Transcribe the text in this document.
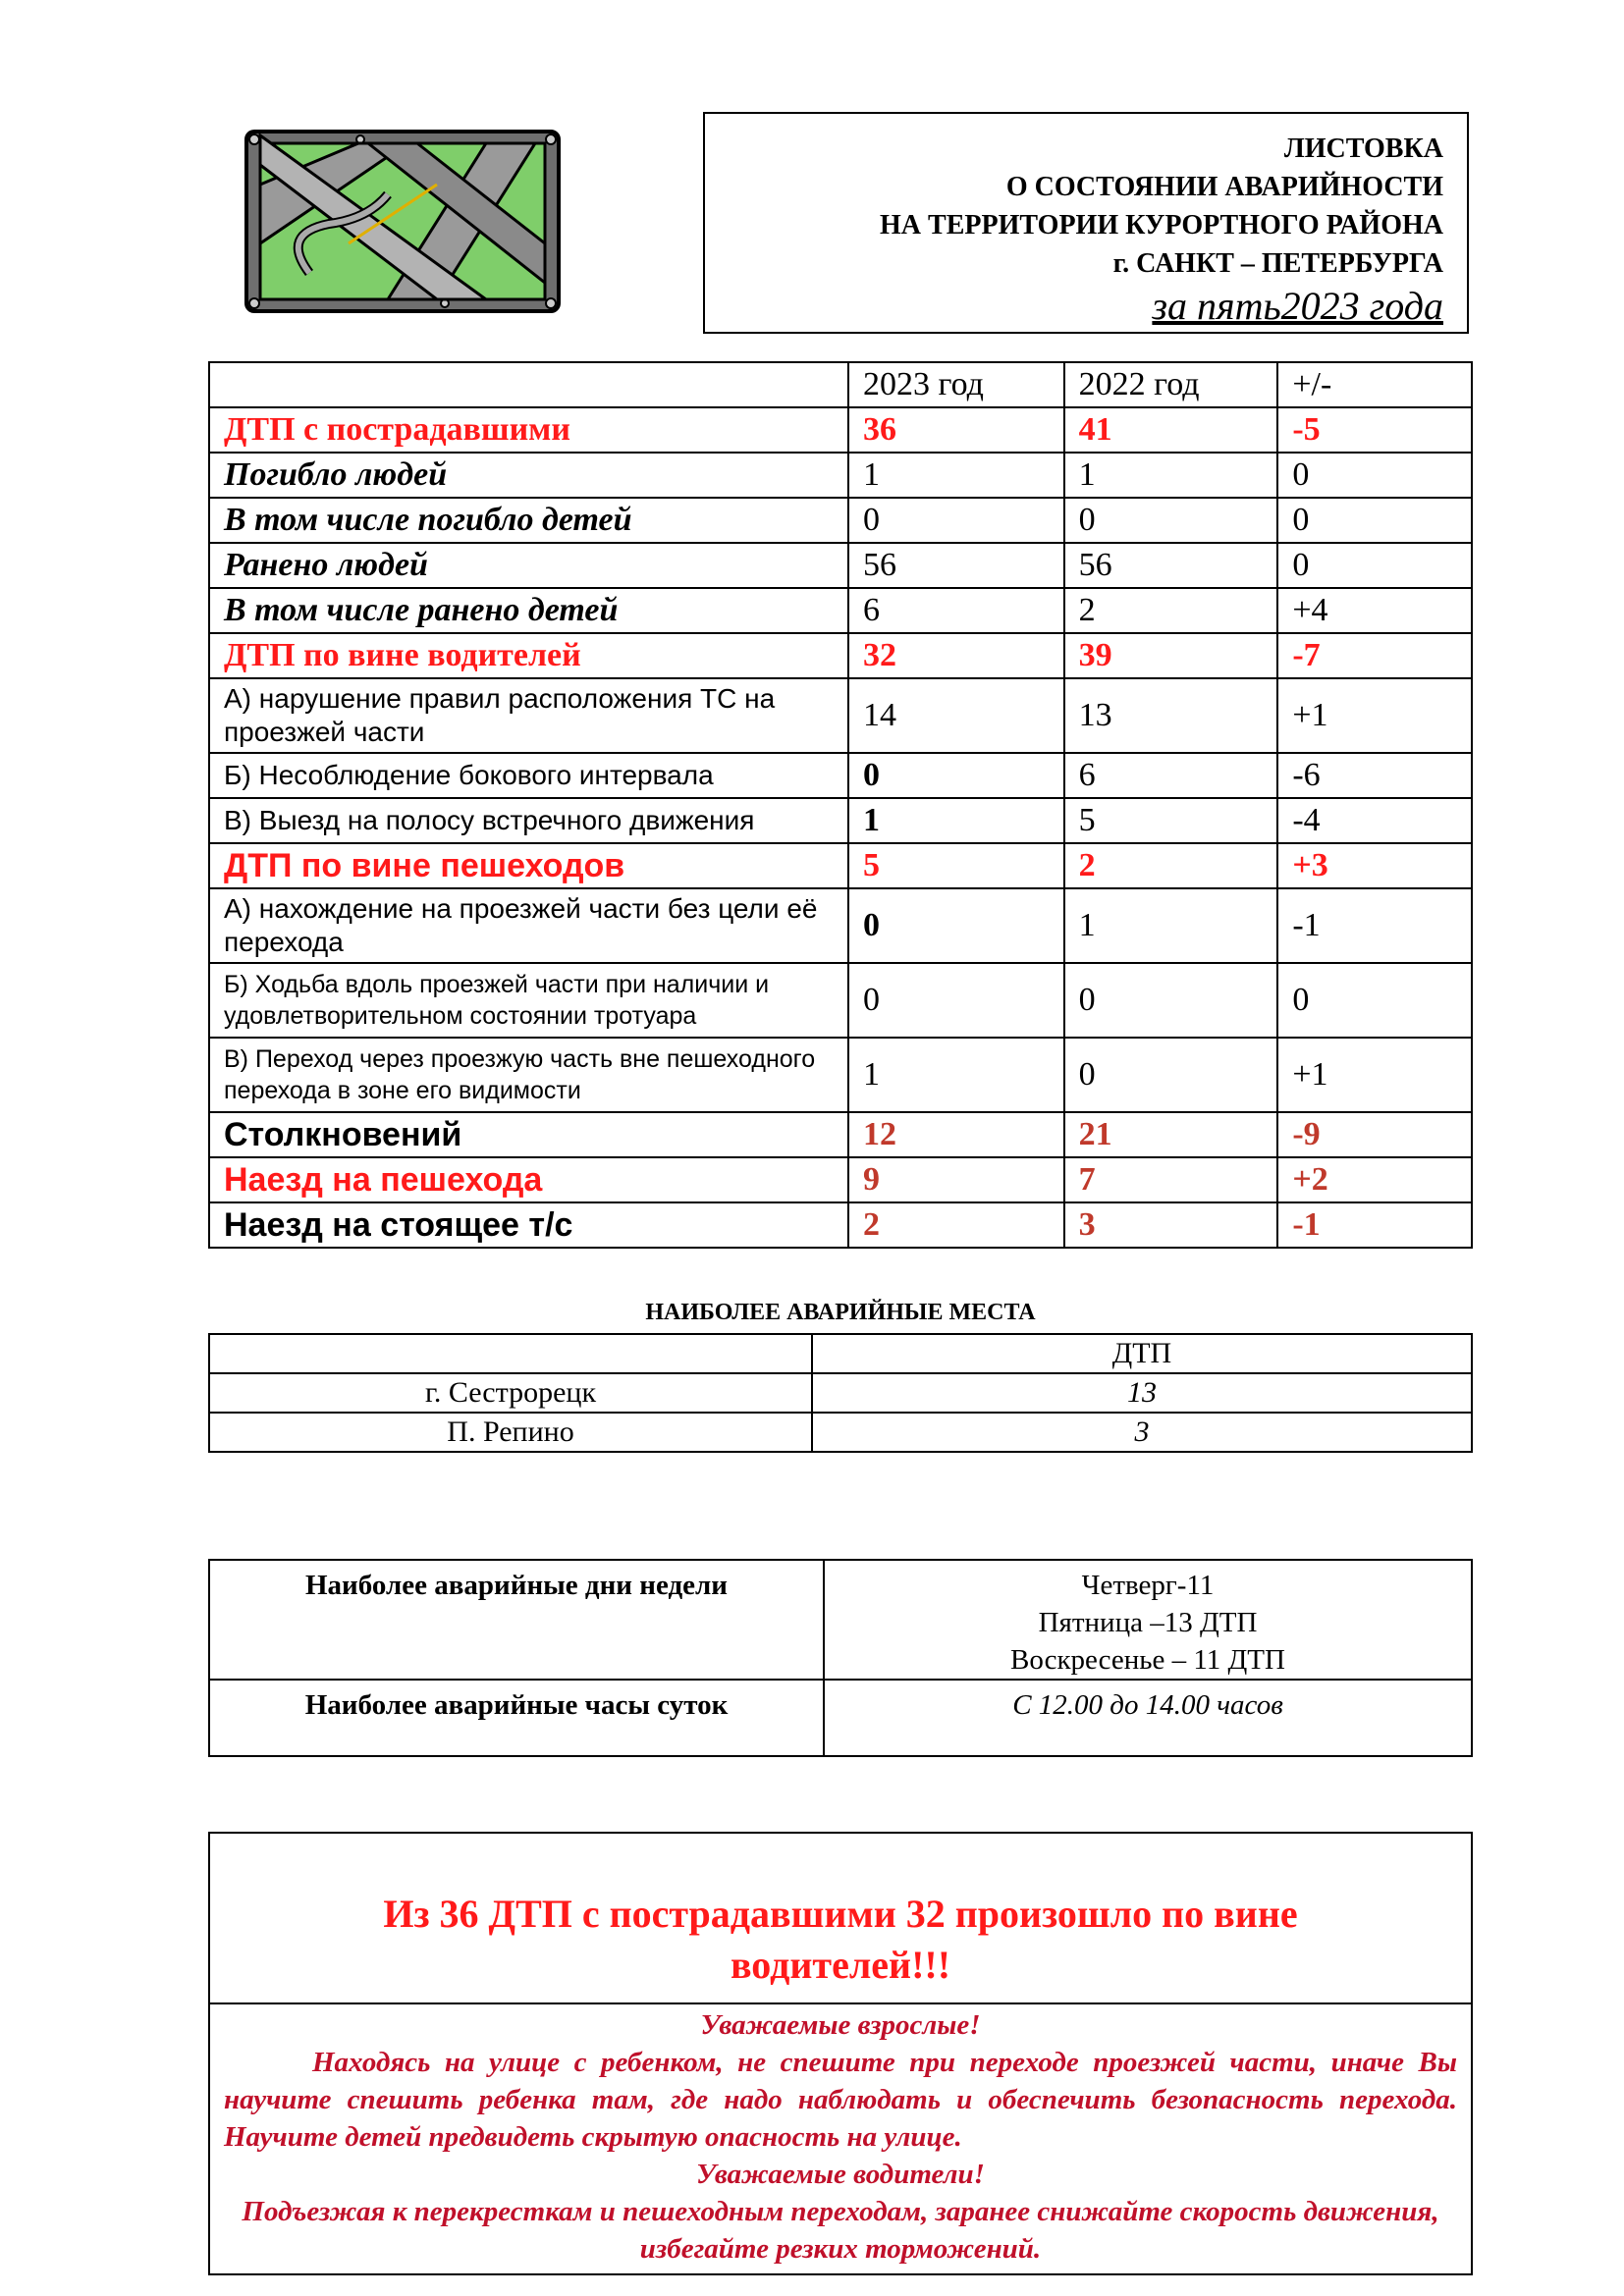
ЛИСТОВКА
О СОСТОЯНИИ АВАРИЙНОСТИ
НА ТЕРРИТОРИИ КУРОРТНОГО РАЙОНА
г. САНКТ – ПЕТЕРБУРГА
за пять2023 года
	2023 год	2022 год	+/-
ДТП с пострадавшими	36	41	-5
Погибло людей	1	1	0
В том числе погибло детей	0	0	0
Ранено людей	56	56	0
В том числе ранено детей	6	2	+4
ДТП по вине водителей	32	39	-7
А) нарушение правил расположения ТС на проезжей части	14	13	+1
Б) Несоблюдение бокового интервала	0	6	-6
В) Выезд на полосу встречного движения	1	5	-4
ДТП по вине пешеходов	5	2	+3
А) нахождение на проезжей части без цели её перехода	0	1	-1
Б) Ходьба вдоль проезжей части при наличии и удовлетворительном состоянии тротуара	0	0	0
В) Переход через проезжую часть вне пешеходного перехода в зоне его видимости	1	0	+1
Столкновений	12	21	-9
Наезд на пешехода	9	7	+2
Наезд на стоящее т/с	2	3	-1
НАИБОЛЕЕ АВАРИЙНЫЕ МЕСТА
	ДТП
г. Сестрорецк	13
П. Репино	3
Наиболее аварийные дни недели	Четверг-11
Пятница –13 ДТП
Воскресенье – 11 ДТП

Наиболее аварийные часы суток	С 12.00 до 14.00 часов
Из 36 ДТП с пострадавшими 32 произошло по вине
водителей!!!
Уважаемые взрослые!
Находясь на улице с ребенком, не спешите при переходе проезжей части, иначе Вы научите спешить ребенка там, где надо наблюдать и обеспечить безопасность перехода. Научите детей предвидеть скрытую опасность на улице.
Уважаемые водители!
Подъезжая к перекресткам и пешеходным переходам, заранее снижайте скорость движения, избегайте резких торможений.
